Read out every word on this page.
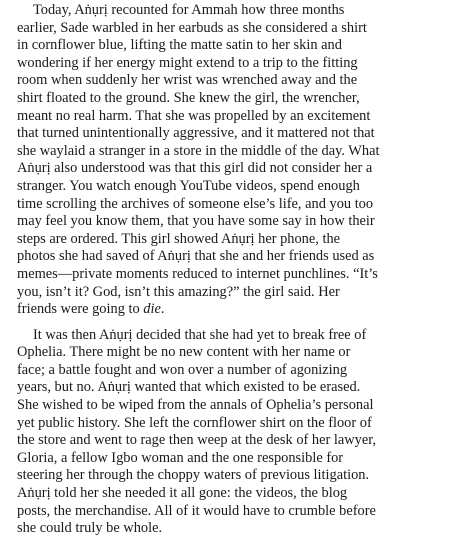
Today, Aṅụrị recounted for Ammah how three months
earlier, Sade warbled in her earbuds as she considered a shirt
in cornflower blue, lifting the matte satin to her skin and
wondering if her energy might extend to a trip to the fitting
room when suddenly her wrist was wrenched away and the
shirt floated to the ground. She knew the girl, the wrencher,
meant no real harm. That she was propelled by an excitement
that turned unintentionally aggressive, and it mattered not that
she waylaid a stranger in a store in the middle of the day. What
Aṅụrị also understood was that this girl did not consider her a
stranger. You watch enough YouTube videos, spend enough
time scrolling the archives of someone else’s life, and you too
may feel you know them, that you have some say in how their
steps are ordered. This girl showed Aṅụrị her phone, the
photos she had saved of Aṅụrị that she and her friends used as
memes—private moments reduced to internet punchlines. “It’s
you, isn’t it? God, isn’t this amazing?” the girl said. Her
friends were going to die.

It was then Aṅụrị decided that she had yet to break free of
Ophelia. There might be no new content with her name or
face; a battle fought and won over a number of agonizing
years, but no. Aṅụrị wanted that which existed to be erased.
She wished to be wiped from the annals of Ophelia’s personal
yet public history. She left the cornflower shirt on the floor of
the store and went to rage then weep at the desk of her lawyer,
Gloria, a fellow Igbo woman and the one responsible for
steering her through the choppy waters of previous litigation.
Aṅụrị told her she needed it all gone: the videos, the blog
posts, the merchandise. All of it would have to crumble before
she could truly be whole.
